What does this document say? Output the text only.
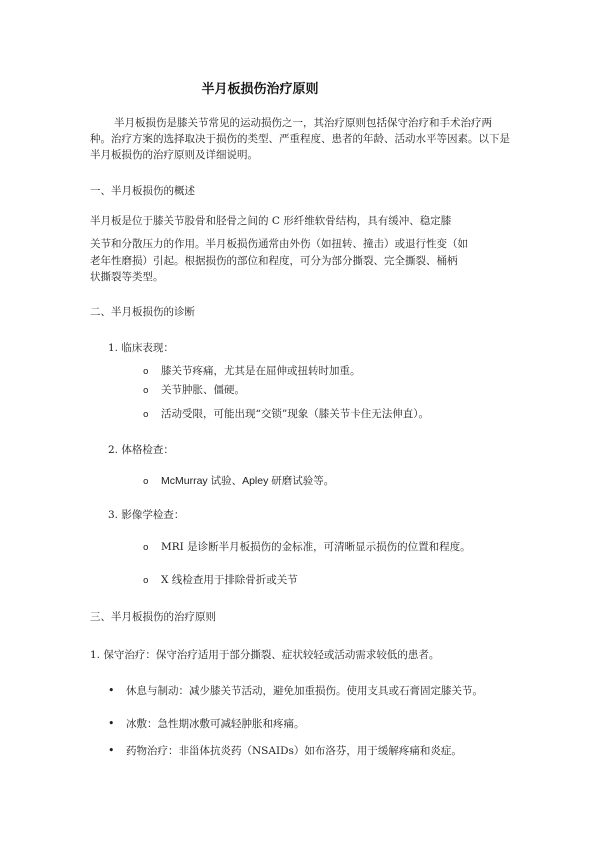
半月板损伤治疗原则

半月板损伤是膝关节常见的运动损伤之一，其治疗原则包括保守治疗和手术治疗两种。治疗方案的选择取决于损伤的类型、严重程度、患者的年龄、活动水平等因素。以下是半月板损伤的治疗原则及详细说明。

一、半月板损伤的概述

半月板是位于膝关节股骨和胫骨之间的 C 形纤维软骨结构，具有缓冲、稳定膝
关节和分散压力的作用。半月板损伤通常由外伤（如扭转、撞击）或退行性变（如
老年性磨损）引起。根据损伤的部位和程度，可分为部分撕裂、完全撕裂、桶柄
状撕裂等类型。

二、半月板损伤的诊断

1. 临床表现：

o 膝关节疼痛，尤其是在屈伸或扭转时加重。

o 关节肿胀、僵硬。

o 活动受限，可能出现“交锁”现象（膝关节卡住无法伸直）。

2. 体格检查：

o McMurray 试验、Apley 研磨试验等。

3. 影像学检查：

o MRI 是诊断半月板损伤的金标准，可清晰显示损伤的位置和程度。

o X 线检查用于排除骨折或关节

三、半月板损伤的治疗原则

1. 保守治疗：保守治疗适用于部分撕裂、症状较轻或活动需求较低的患者。

• 休息与制动：减少膝关节活动，避免加重损伤。使用支具或石膏固定膝关节。
• 冰敷：急性期冰敷可减轻肿胀和疼痛。
• 药物治疗：非甾体抗炎药（NSAIDs）如布洛芬，用于缓解疼痛和炎症。
